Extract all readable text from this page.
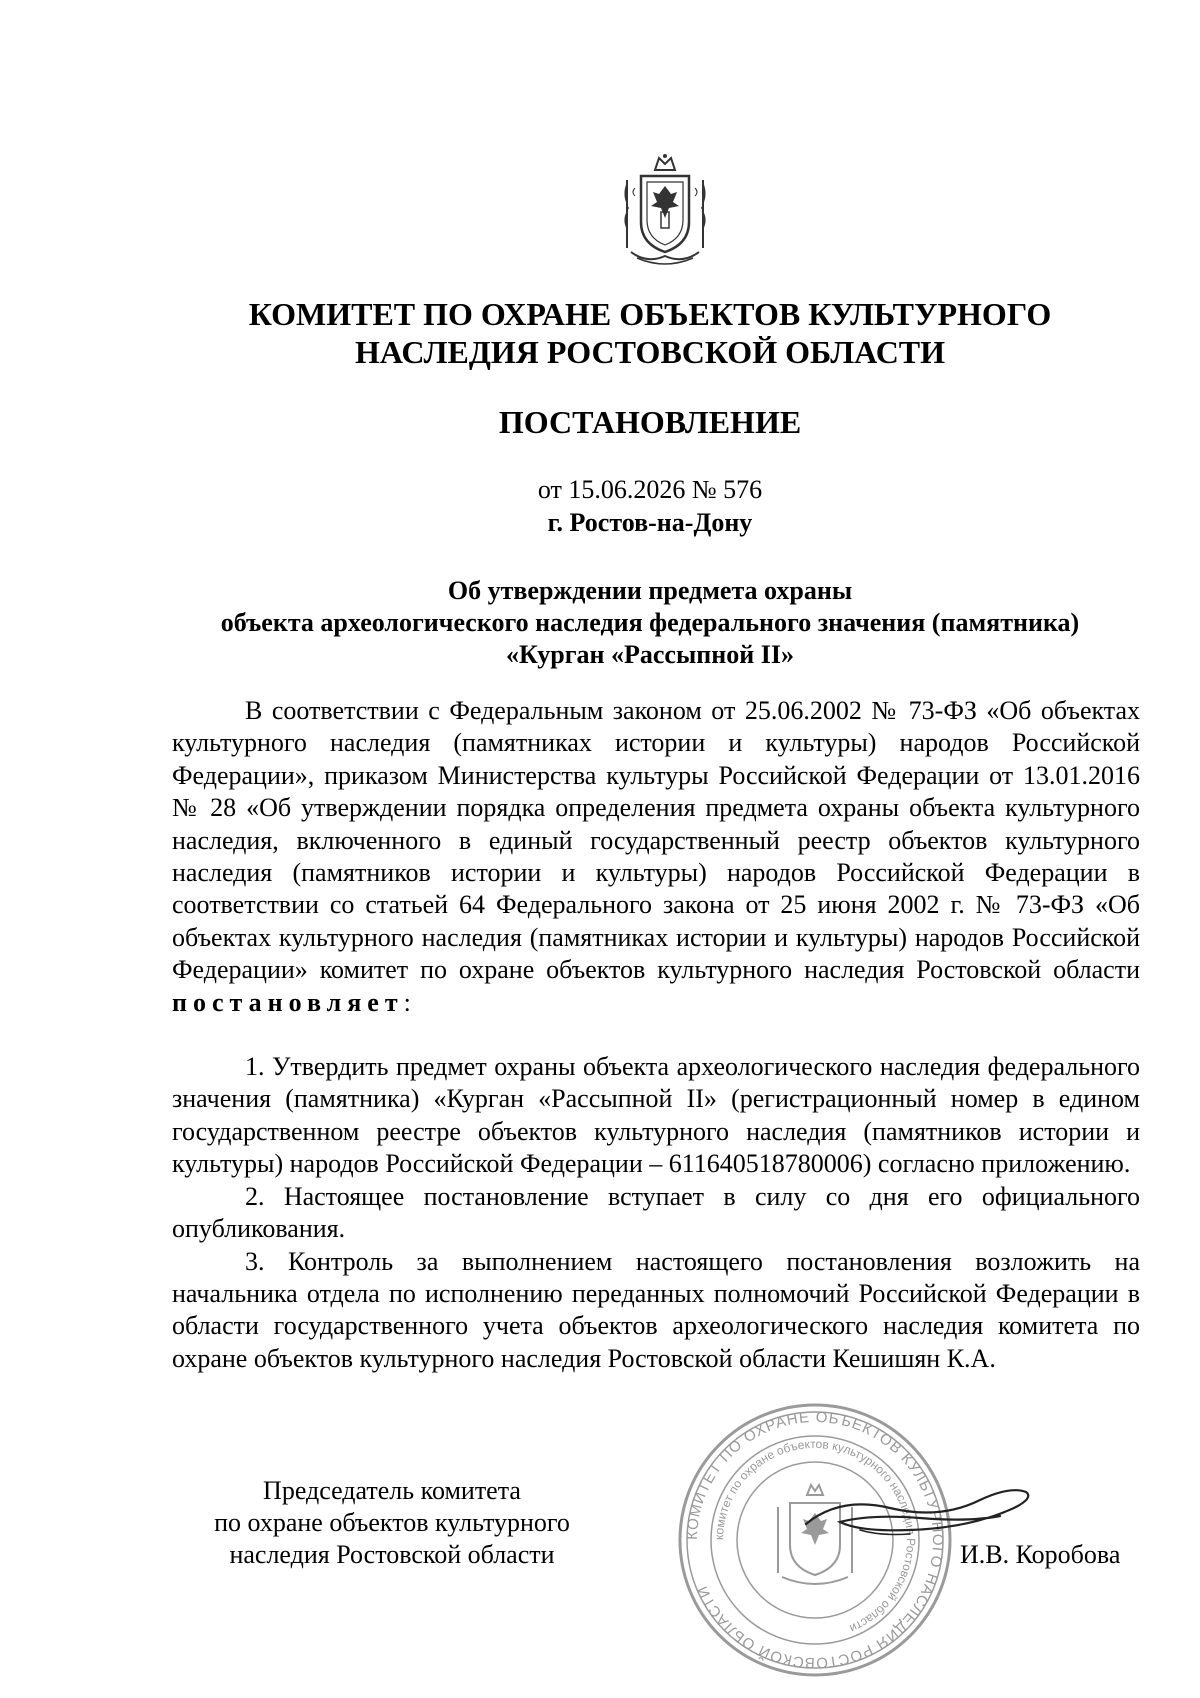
КОМИТЕТ ПО ОХРАНЕ ОБЪЕКТОВ КУЛЬТУРНОГО
НАСЛЕДИЯ РОСТОВСКОЙ ОБЛАСТИ
ПОСТАНОВЛЕНИЕ
от 15.06.2026 № 576
г. Ростов-на-Дону
Об утверждении предмета охраны
объекта археологического наследия федерального значения (памятника)
«Курган «Рассыпной II»

В соответствии с Федеральным законом от 25.06.2002 № 73-ФЗ «Об объектах культурного наследия (памятниках истории и культуры) народов Российской Федерации», приказом Министерства культуры Российской Федерации от 13.01.2016 № 28 «Об утверждении порядка определения предмета охраны объекта культурного наследия, включенного в единый государственный реестр объектов культурного наследия (памятников истории и культуры) народов Российской Федерации в соответствии со статьей 64 Федерального закона от 25 июня 2002 г. № 73-ФЗ «Об объектах культурного наследия (памятниках истории и культуры) народов Российской Федерации» комитет по охране объектов культурного наследия Ростовской области постановляет:

1. Утвердить предмет охраны объекта археологического наследия федерального значения (памятника) «Курган «Рассыпной II» (регистрационный номер в едином государственном реестре объектов культурного наследия (памятников истории и культуры) народов Российской Федерации – 611640518780006) согласно приложению.

2. Настоящее постановление вступает в силу со дня его официального опубликования.

3. Контроль за выполнением настоящего постановления возложить на начальника отдела по исполнению переданных полномочий Российской Федерации в области государственного учета объектов археологического наследия комитета по охране объектов культурного наследия Ростовской области Кешишян К.А.

КОМИТЕТ ПО ОХРАНЕ ОБЪЕКТОВ КУЛЬТУРНОГО НАСЛЕДИЯ РОСТОВСКОЙ ОБЛАСТИ
комитет по охране объектов культурного наследия Ростовской области
Председатель комитета
по охране объектов культурного
наследия Ростовской области	И.В. Коробова
